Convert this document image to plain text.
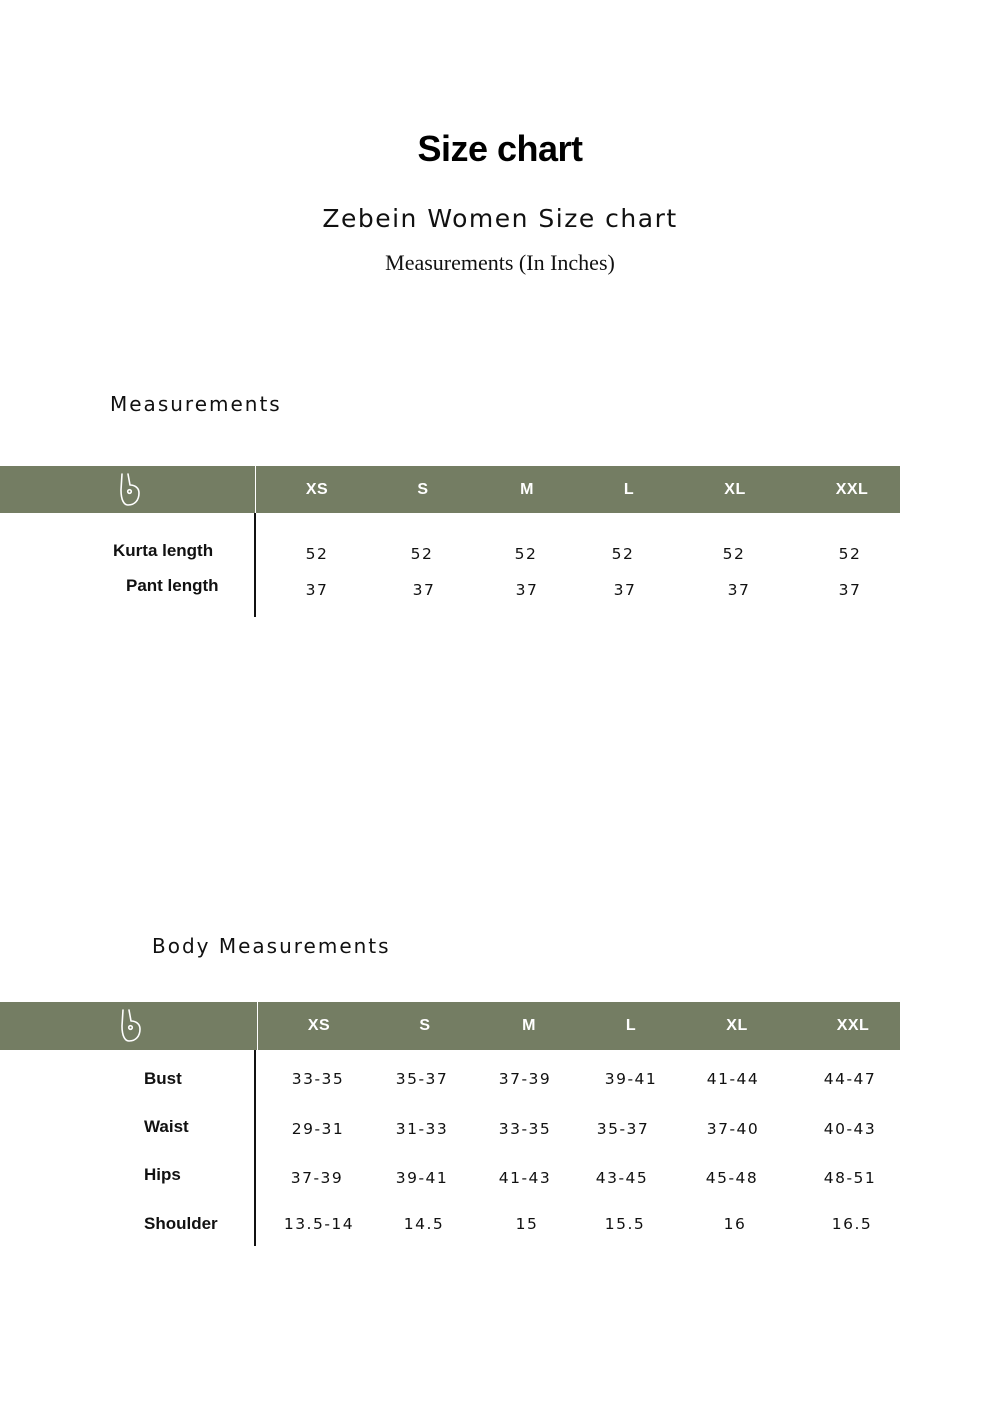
Size chart
Zebein Women Size chart
Measurements (In Inches)
Measurements
XS	S	M	L	XL	XXL
Kurta length	52	52	52	52	52	52
Pant length	37	37	37	37	37	37
Body Measurements
XS	S	M	L	XL	XXL
Bust	33-35	35-37	37-39	39-41	41-44	44-47
Waist	29-31	31-33	33-35	35-37	37-40	40-43
Hips	37-39	39-41	41-43	43-45	45-48	48-51
Shoulder	13.5-14	14.5	15	15.5	16	16.5
